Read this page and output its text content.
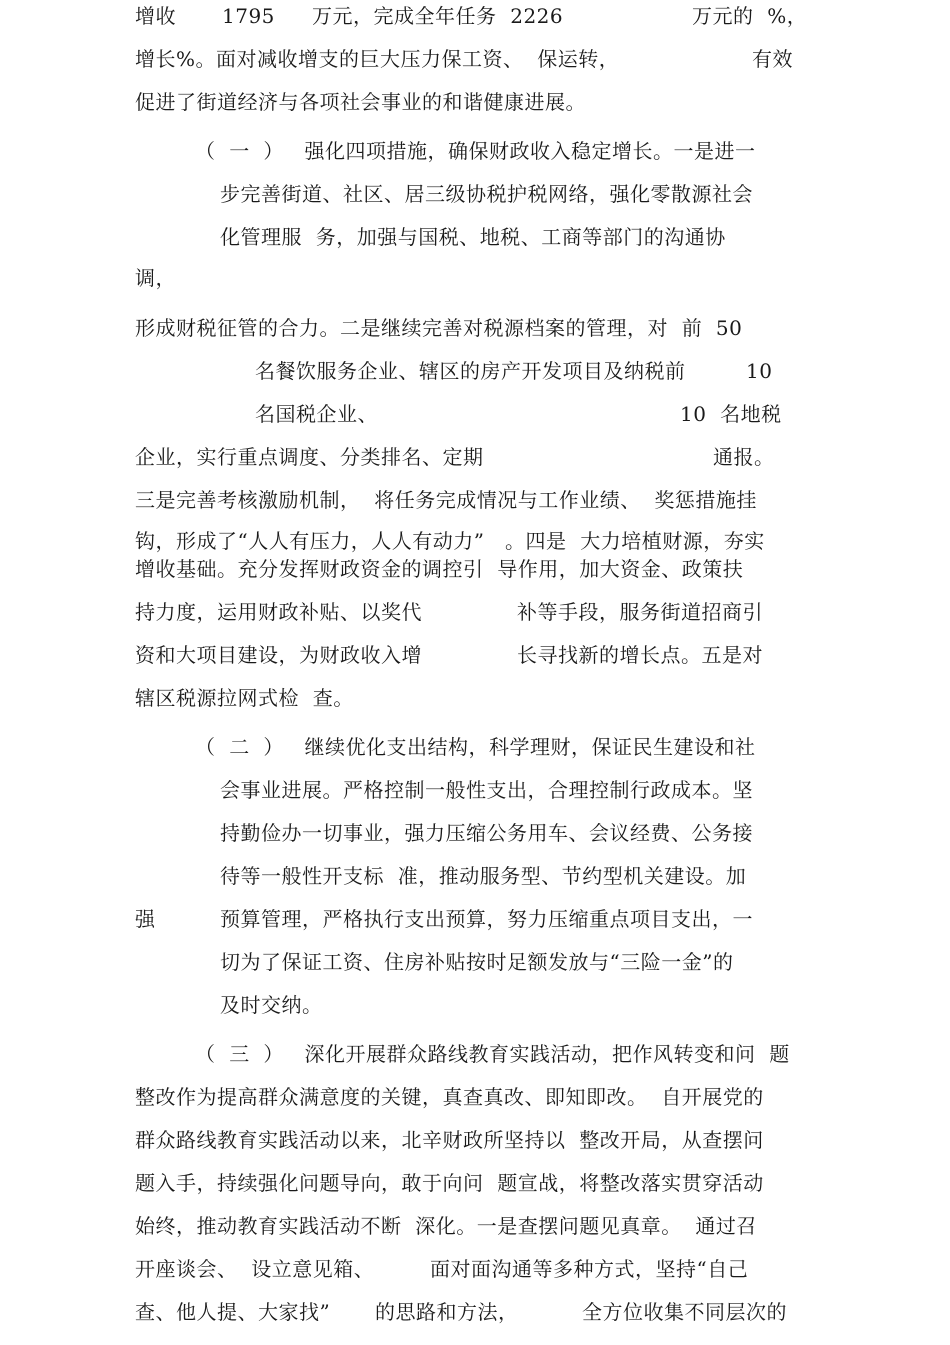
增收 1795 万元，完成全年任务  2226	万元的  %，
增长%。面对减收增支的巨大压力保工资、  保运转，	有效
促进了街道经济与各项社会事业的和谐健康进展。
（  一  ）   强化四项措施，确保财政收入稳定增长。一是进一
步完善街道、社区、居三级协税护税网络，强化零散源社会
化管理服  务，加强与国税、地税、工商等部门的沟通协
调，
形成财税征管的合力。二是继续完善对税源档案的管理，对  前  50
名餐饮服务企业、辖区的房产开发项目及纳税前	10
名国税企业、	10  名地税
企业，实行重点调度、分类排名、定期	通报。
三是完善考核激励机制，  将任务完成情况与工作业绩、  奖惩措施挂
钩，形成了“人人有压力，人人有动力”   。四是  大力培植财源，夯实
增收基础。充分发挥财政资金的调控引  导作用，加大资金、政策扶
持力度，运用财政补贴、以奖代	补等手段，服务街道招商引
资和大项目建设，为财政收入增	长寻找新的增长点。五是对
辖区税源拉网式检  查。
（  二  ）   继续优化支出结构，科学理财，保证民生建设和社
会事业进展。严格控制一般性支出，合理控制行政成本。坚
持勤俭办一切事业，强力压缩公务用车、会议经费、公务接
待等一般性开支标  准，推动服务型、节约型机关建设。加
强	预算管理，严格执行支出预算，努力压缩重点项目支出，一
切为了保证工资、住房补贴按时足额发放与“三险一金”的
及时交纳。
（  三  ）   深化开展群众路线教育实践活动，把作风转变和问  题
整改作为提高群众满意度的关键，真查真改、即知即改。  自开展党的
群众路线教育实践活动以来，北辛财政所坚持以  整改开局，从查摆问
题入手，持续强化问题导向，敢于向问  题宣战，将整改落实贯穿活动
始终，推动教育实践活动不断  深化。一是查摆问题见真章。  通过召
开座谈会、  设立意见箱、	面对面沟通等多种方式，坚持“自己
查、他人提、大家找” 的思路和方法，	全方位收集不同层次的
